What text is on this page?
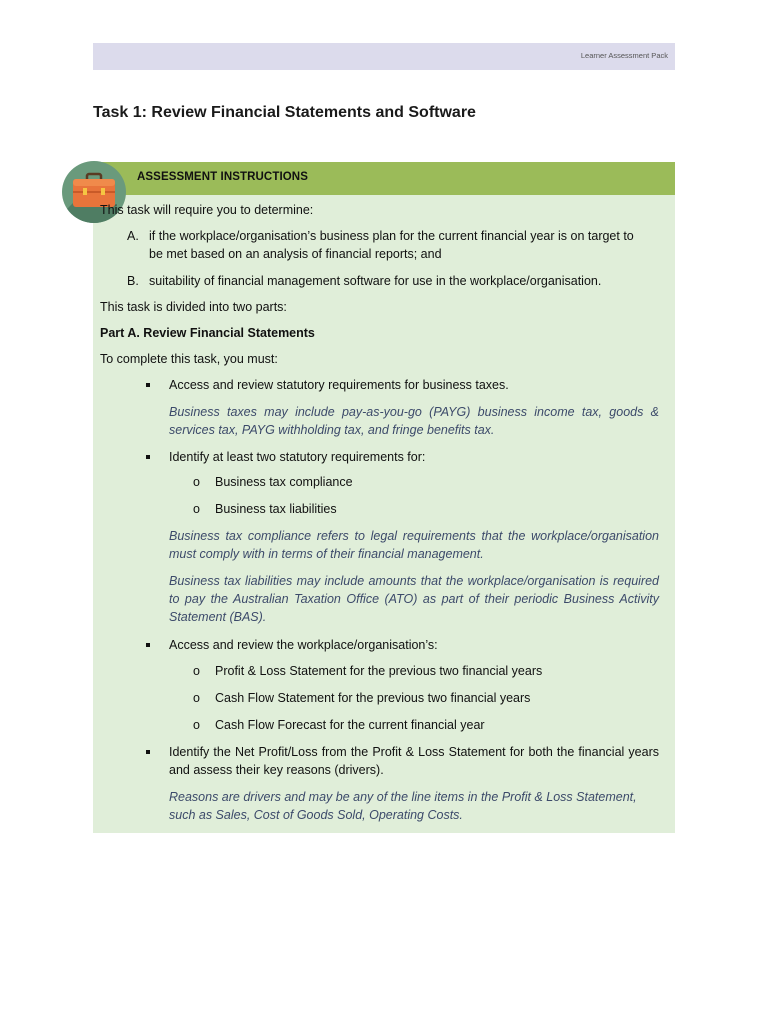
Learner Assessment Pack
Task 1: Review Financial Statements and Software
ASSESSMENT INSTRUCTIONS
This task will require you to determine:
A. if the workplace/organisation’s business plan for the current financial year is on target to
be met based on an analysis of financial reports; and
B. suitability of financial management software for use in the workplace/organisation.
This task is divided into two parts:
Part A. Review Financial Statements
To complete this task, you must:
Access and review statutory requirements for business taxes.
Business taxes may include pay-as-you-go (PAYG) business income tax, goods & services tax, PAYG withholding tax, and fringe benefits tax.
Identify at least two statutory requirements for:
o Business tax compliance
o Business tax liabilities
Business tax compliance refers to legal requirements that the workplace/organisation must comply with in terms of their financial management.
Business tax liabilities may include amounts that the workplace/organisation is required to pay the Australian Taxation Office (ATO) as part of their periodic Business Activity Statement (BAS).
Access and review the workplace/organisation’s:
o Profit & Loss Statement for the previous two financial years
o Cash Flow Statement for the previous two financial years
o Cash Flow Forecast for the current financial year
Identify the Net Profit/Loss from the Profit & Loss Statement for both the financial years and assess their key reasons (drivers).
Reasons are drivers and may be any of the line items in the Profit & Loss Statement, such as Sales, Cost of Goods Sold, Operating Costs.
